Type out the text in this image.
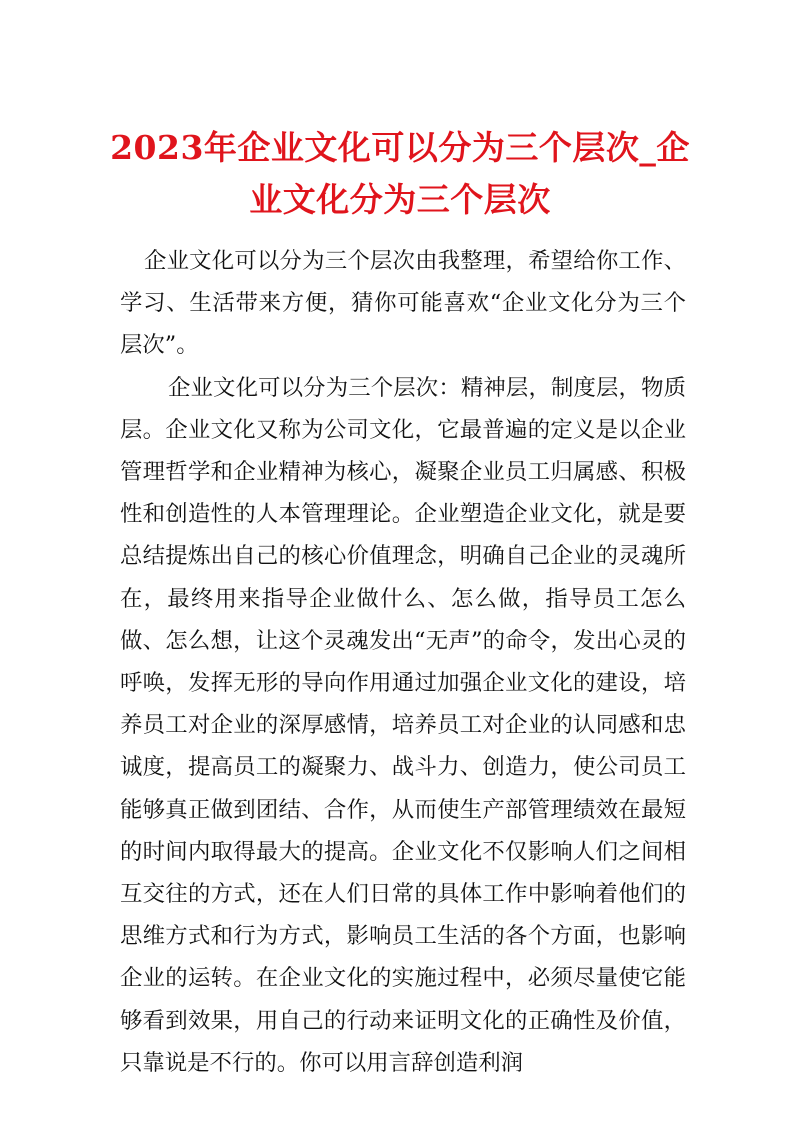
2023年企业文化可以分为三个层次_企业文化分为三个层次

企业文化可以分为三个层次由我整理，希望给你工作、学习、生活带来方便，猜你可能喜欢“企业文化分为三个层次”。

企业文化可以分为三个层次：精神层，制度层，物质层。企业文化又称为公司文化，它最普遍的定义是以企业管理哲学和企业精神为核心，凝聚企业员工归属感、积极性和创造性的人本管理理论。企业塑造企业文化，就是要总结提炼出自己的核心价值理念，明确自己企业的灵魂所在，最终用来指导企业做什么、怎么做，指导员工怎么做、怎么想，让这个灵魂发出“无声”的命令，发出心灵的呼唤，发挥无形的导向作用通过加强企业文化的建设，培养员工对企业的深厚感情，培养员工对企业的认同感和忠诚度，提高员工的凝聚力、战斗力、创造力，使公司员工能够真正做到团结、合作，从而使生产部管理绩效在最短的时间内取得最大的提高。企业文化不仅影响人们之间相互交往的方式，还在人们日常的具体工作中影响着他们的思维方式和行为方式，影响员工生活的各个方面，也影响企业的运转。在企业文化的实施过程中，必须尽量使它能够看到效果，用自己的行动来证明文化的正确性及价值，只靠说是不行的。你可以用言辞创造利润
